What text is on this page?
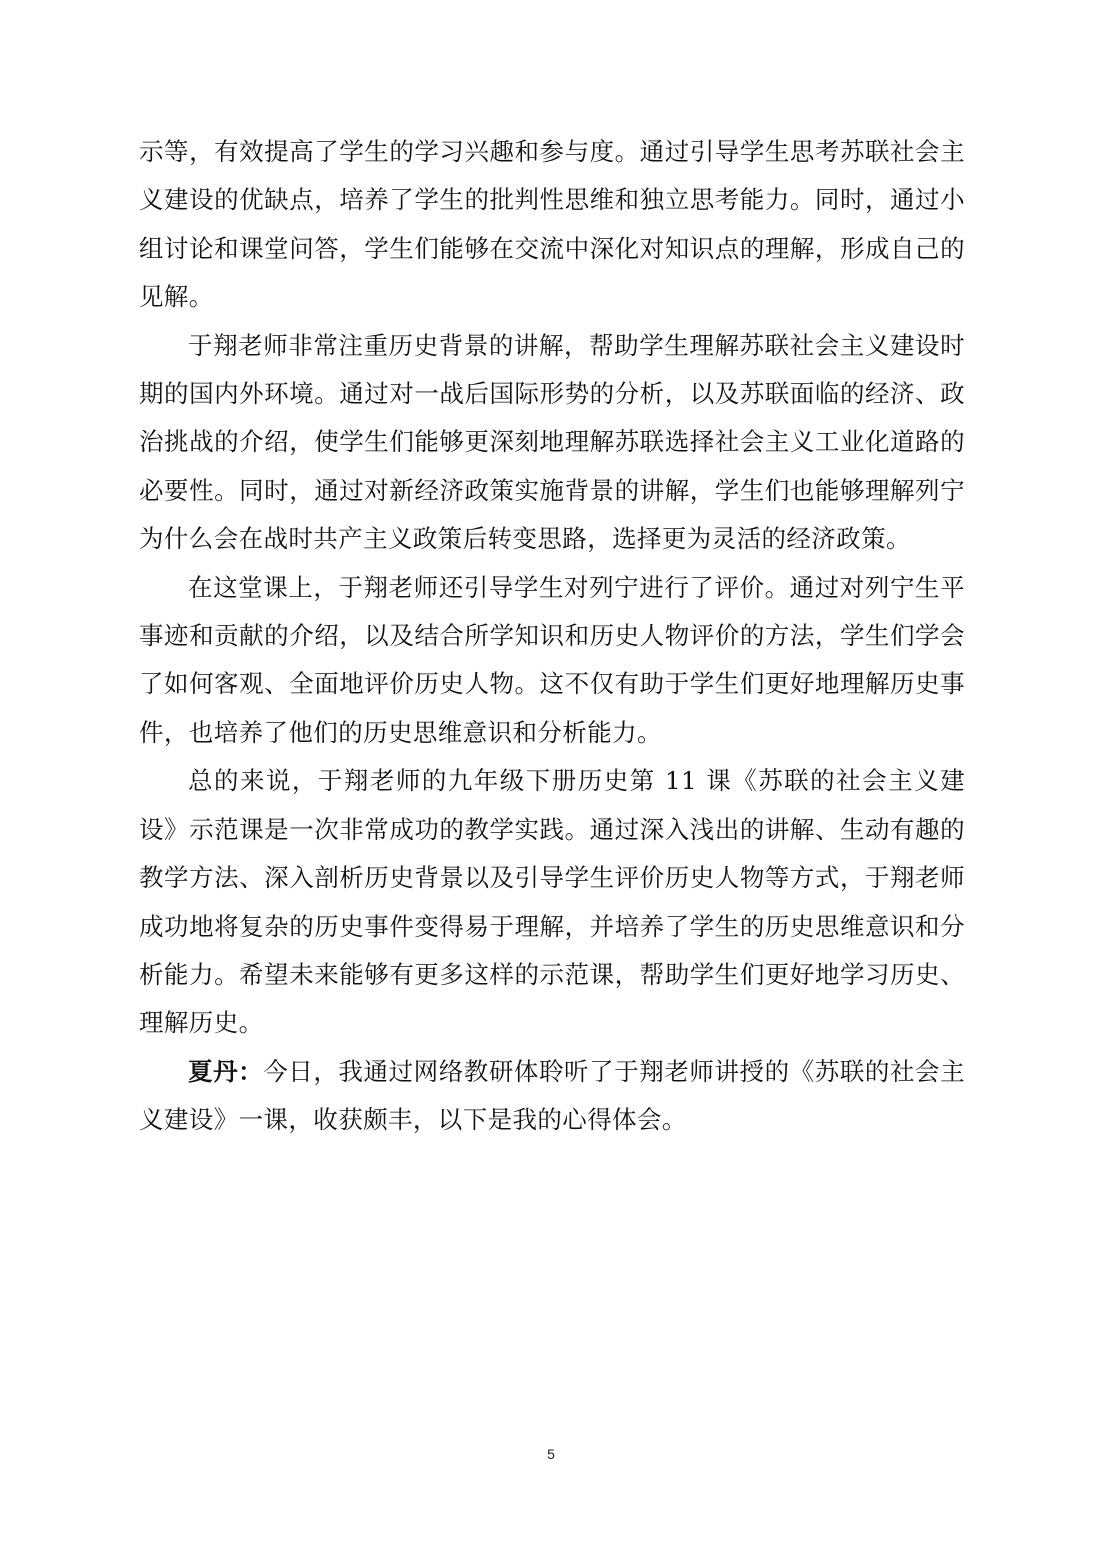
示等，有效提高了学生的学习兴趣和参与度。通过引导学生思考苏联社会主义建设的优缺点，培养了学生的批判性思维和独立思考能力。同时，通过小组讨论和课堂问答，学生们能够在交流中深化对知识点的理解，形成自己的见解。

于翔老师非常注重历史背景的讲解，帮助学生理解苏联社会主义建设时期的国内外环境。通过对一战后国际形势的分析，以及苏联面临的经济、政治挑战的介绍，使学生们能够更深刻地理解苏联选择社会主义工业化道路的必要性。同时，通过对新经济政策实施背景的讲解，学生们也能够理解列宁为什么会在战时共产主义政策后转变思路，选择更为灵活的经济政策。

在这堂课上，于翔老师还引导学生对列宁进行了评价。通过对列宁生平事迹和贡献的介绍，以及结合所学知识和历史人物评价的方法，学生们学会了如何客观、全面地评价历史人物。这不仅有助于学生们更好地理解历史事件，也培养了他们的历史思维意识和分析能力。

总的来说，于翔老师的九年级下册历史第 11 课《苏联的社会主义建设》示范课是一次非常成功的教学实践。通过深入浅出的讲解、生动有趣的教学方法、深入剖析历史背景以及引导学生评价历史人物等方式，于翔老师成功地将复杂的历史事件变得易于理解，并培养了学生的历史思维意识和分析能力。希望未来能够有更多这样的示范课，帮助学生们更好地学习历史、理解历史。

夏丹：今日，我通过网络教研体聆听了于翔老师讲授的《苏联的社会主义建设》一课，收获颇丰，以下是我的心得体会。

5
